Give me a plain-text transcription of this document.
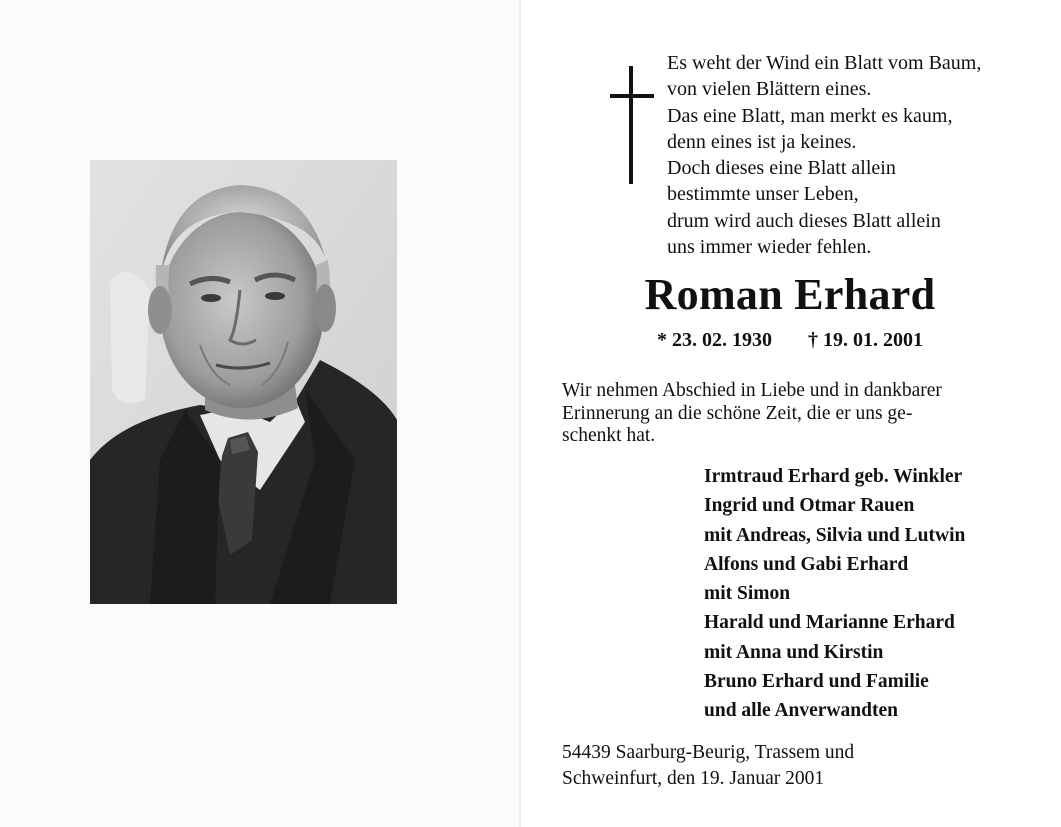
Es weht der Wind ein Blatt vom Baum,
von vielen Blättern eines.
Das eine Blatt, man merkt es kaum,
denn eines ist ja keines.
Doch dieses eine Blatt allein
bestimmte unser Leben,
drum wird auch dieses Blatt allein
uns immer wieder fehlen.
Roman Erhard
* 23. 02. 1930 † 19. 01. 2001
Wir nehmen Abschied in Liebe und in dankbarer
Erinnerung an die schöne Zeit, die er uns ge-
schenkt hat.
Irmtraud Erhard geb. Winkler
Ingrid und Otmar Rauen
mit Andreas, Silvia und Lutwin
Alfons und Gabi Erhard
mit Simon
Harald und Marianne Erhard
mit Anna und Kirstin
Bruno Erhard und Familie
und alle Anverwandten
54439 Saarburg-Beurig, Trassem und
Schweinfurt, den 19. Januar 2001
